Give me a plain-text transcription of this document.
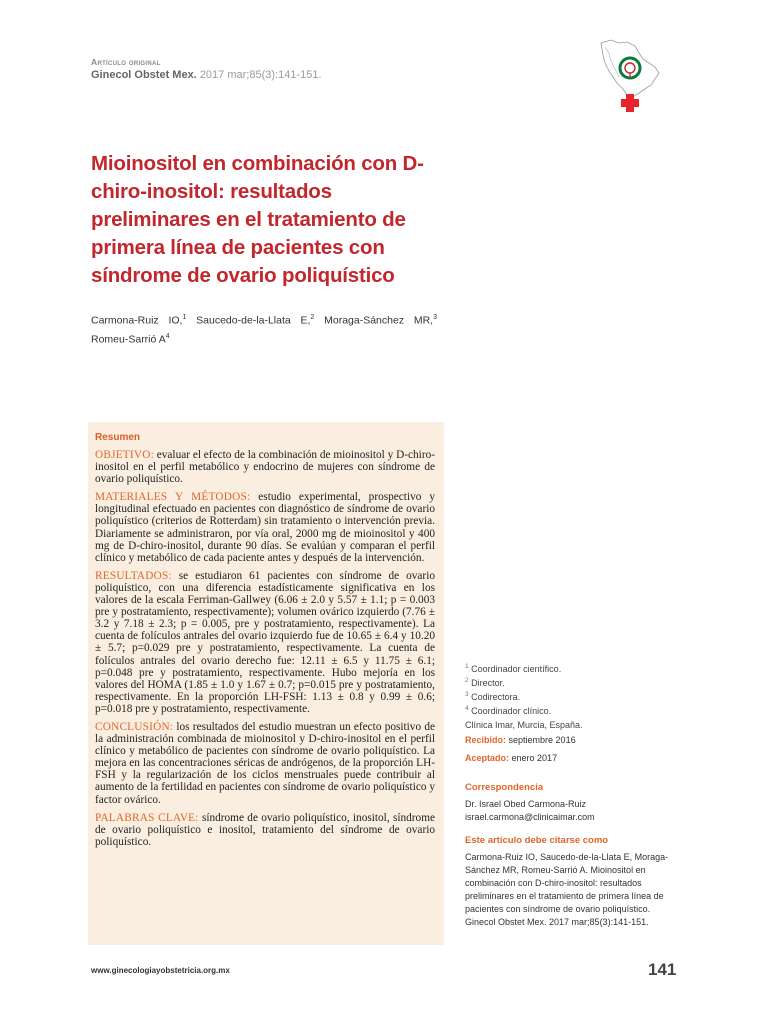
Artículo original
Ginecol Obstet Mex. 2017 mar;85(3):141-151.
Mioinositol en combinación con D-chiro-inositol: resultados preliminares en el tratamiento de primera línea de pacientes con síndrome de ovario poliquístico
Carmona-Ruiz IO,$^1$ Saucedo-de-la-Llata E,$^2$ Moraga-Sánchez MR,$^3$ Romeu-Sarrió $A^4$
Resumen

OBJETIVO: evaluar el efecto de la combinación de mioinositol y D-chiro-inositol en el perfil metabólico y endocrino de mujeres con síndrome de ovario poliquístico.

MATERIALES Y MÉTODOS: estudio experimental, prospectivo y longitudinal efectuado en pacientes con diagnóstico de síndrome de ovario poliquístico (criterios de Rotterdam) sin tratamiento o intervención previa. Diariamente se administraron, por vía oral, 2000 mg de mioinositol y 400 mg de D-chiro-inositol, durante 90 días. Se evalúan y comparan el perfil clínico y metabólico de cada paciente antes y después de la intervención.

RESULTADOS: se estudiaron 61 pacientes con síndrome de ovario poliquístico, con una diferencia estadísticamente significativa en los valores de la escala Ferriman-Gallwey (6.06 ± 2.0 y 5.57 ± 1.1; p = 0.003 pre y postratamiento, respectivamente); volumen ovárico izquierdo (7.76 ± 3.2 y 7.18 ± 2.3; p = 0.005, pre y postratamiento, respectivamente). La cuenta de folículos antrales del ovario izquierdo fue de 10.65 ± 6.4 y 10.20 ± 5.7; p=0.029 pre y postratamiento, respectivamente. La cuenta de folículos antrales del ovario derecho fue: 12.11 ± 6.5 y 11.75 ± 6.1; p=0.048 pre y postratamiento, respectivamente. Hubo mejoría en los valores del HOMA (1.85 ± 1.0 y 1.67 ± 0.7; p=0.015 pre y postratamiento, respectivamente. En la proporción LH-FSH: 1.13 ± 0.8 y 0.99 ± 0.6; p=0.018 pre y postratamiento, respectivamente.

CONCLUSIÓN: los resultados del estudio muestran un efecto positivo de la administración combinada de mioinositol y D-chiro-inositol en el perfil clínico y metabólico de pacientes con síndrome de ovario poliquístico. La mejora en las concentraciones séricas de andrógenos, de la proporción LH-FSH y la regularización de los ciclos menstruales puede contribuir al aumento de la fertilidad en pacientes con síndrome de ovario poliquístico y factor ovárico.

PALABRAS CLAVE: síndrome de ovario poliquístico, inositol, síndrome de ovario poliquístico e inositol, tratamiento del síndrome de ovario poliquístico.

$^1$ Coordinador científico.
$^2$ Director.
$^3$ Codirectora.
$^4$ Coordinador clínico.
Clínica Imar, Murcia, España.
Recibido: septiembre 2016
Aceptado: enero 2017
Correspondencia
Dr. Israel Obed Carmona-Ruiz
israel.carmona@clinicaimar.com
Este artículo debe citarse como
Carmona-Ruiz IO, Saucedo-de-la-Llata E, Moraga-Sánchez MR, Romeu-Sarrió A. Mioinositol en combinación con D-chiro-inositol: resultados preliminares en el tratamiento de primera línea de pacientes con síndrome de ovario poliquístico. Ginecol Obstet Mex. 2017 mar;85(3):141-151.
www.ginecologiayobstetricia.org.mx	141
